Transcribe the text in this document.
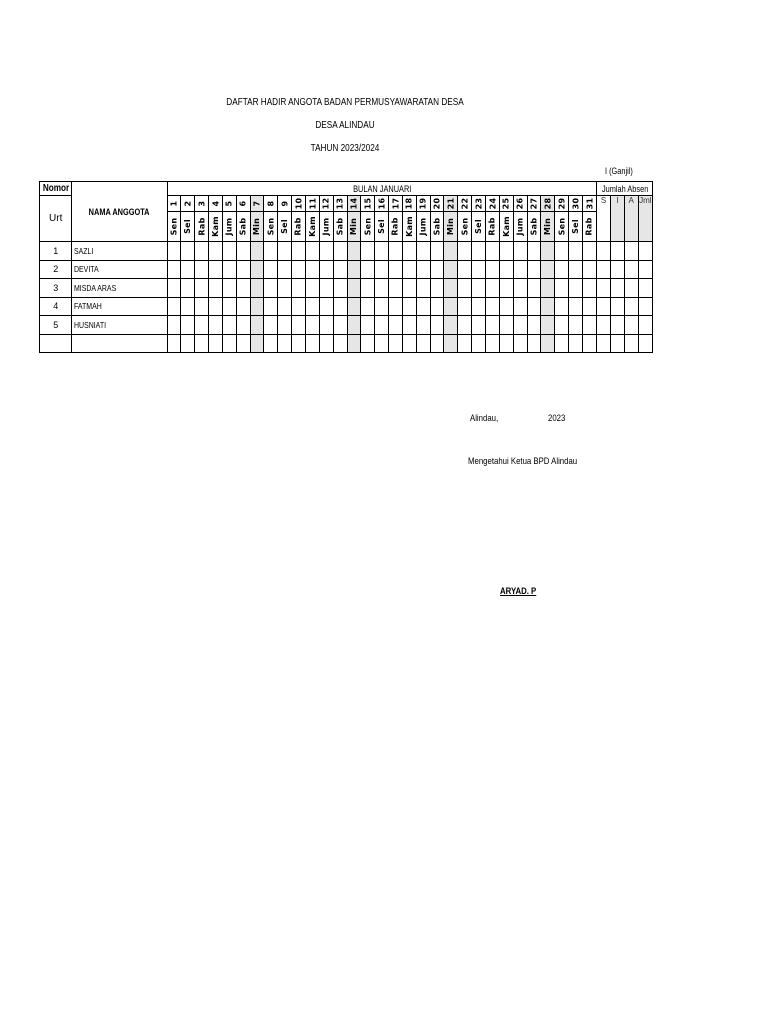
DAFTAR HADIR ANGOTA BADAN PERMUSYAWARATAN DESA
DESA ALINDAU
TAHUN 2023/2024
I (Ganjil)
Nomor	NAMA ANGGOTA	BULAN JANUARI																															Jumlah Absen			

Urt		1	2	3	4	5	6	7	8	9	10	11	12	13	14	15	16	17	18	19	20	21	22	23	24	25	26	27	28	29	30	31	S	I	A	Jml

		Sen	Sel	Rab	Kam	Jum	Sab	Min	Sen	Sel	Rab	Kam	Jum	Sab	Min	Sen	Sel	Rab	Kam	Jum	Sab	Min	Sen	Sel	Rab	Kam	Jum	Sab	Min	Sen	Sel	Rab				

1	SAZLI																																			
2	DEVITA																																			
3	MISDA ARAS																																			
4	FATMAH																																			
5	HUSNIATI																																			

Alindau,	2023
Mengetahui Ketua BPD Alindau
ARYAD. P
